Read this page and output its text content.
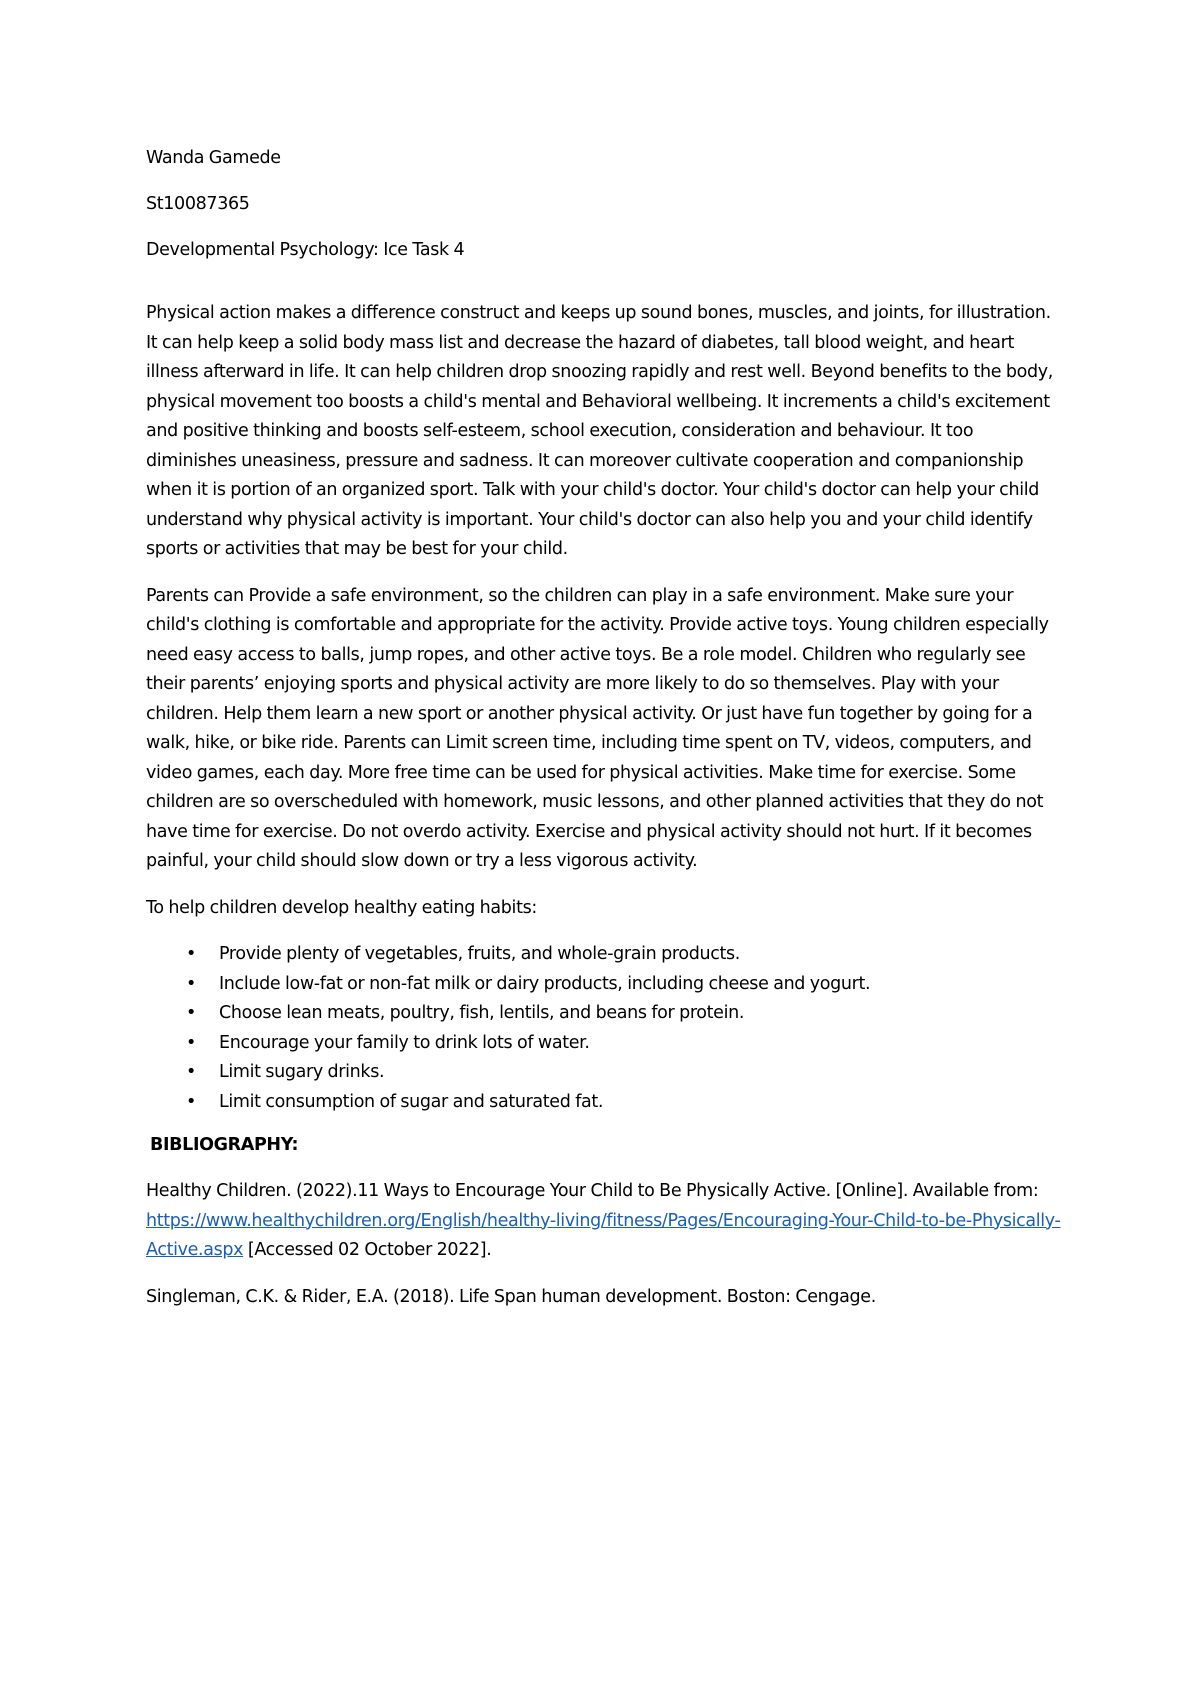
Wanda Gamede

St10087365

Developmental Psychology: Ice Task 4

Physical action makes a difference construct and keeps up sound bones, muscles, and joints, for illustration. It can help keep a solid body mass list and decrease the hazard of diabetes, tall blood weight, and heart illness afterward in life. It can help children drop snoozing rapidly and rest well. Beyond benefits to the body, physical movement too boosts a child's mental and Behavioral wellbeing. It increments a child's excitement and positive thinking and boosts self-esteem, school execution, consideration and behaviour. It too diminishes uneasiness, pressure and sadness. It can moreover cultivate cooperation and companionship when it is portion of an organized sport. Talk with your child's doctor. Your child's doctor can help your child understand why physical activity is important. Your child's doctor can also help you and your child identify sports or activities that may be best for your child.

Parents can Provide a safe environment, so the children can play in a safe environment. Make sure your child's clothing is comfortable and appropriate for the activity. Provide active toys. Young children especially need easy access to balls, jump ropes, and other active toys. Be a role model. Children who regularly see their parents’ enjoying sports and physical activity are more likely to do so themselves. Play with your children. Help them learn a new sport or another physical activity. Or just have fun together by going for a walk, hike, or bike ride. Parents can Limit screen time, including time spent on TV, videos, computers, and video games, each day. More free time can be used for physical activities. Make time for exercise. Some children are so overscheduled with homework, music lessons, and other planned activities that they do not have time for exercise. Do not overdo activity. Exercise and physical activity should not hurt. If it becomes painful, your child should slow down or try a less vigorous activity.

To help children develop healthy eating habits:

• Provide plenty of vegetables, fruits, and whole-grain products.
• Include low-fat or non-fat milk or dairy products, including cheese and yogurt.
• Choose lean meats, poultry, fish, lentils, and beans for protein.
• Encourage your family to drink lots of water.
• Limit sugary drinks.
• Limit consumption of sugar and saturated fat.

BIBLIOGRAPHY:

Healthy Children. (2022).11 Ways to Encourage Your Child to Be Physically Active. [Online]. Available from: https://www.healthychildren.org/English/healthy-living/fitness/Pages/Encouraging-Your-Child-to-be-Physically-Active.aspx [Accessed 02 October 2022].

Singleman, C.K. & Rider, E.A. (2018). Life Span human development. Boston: Cengage.
